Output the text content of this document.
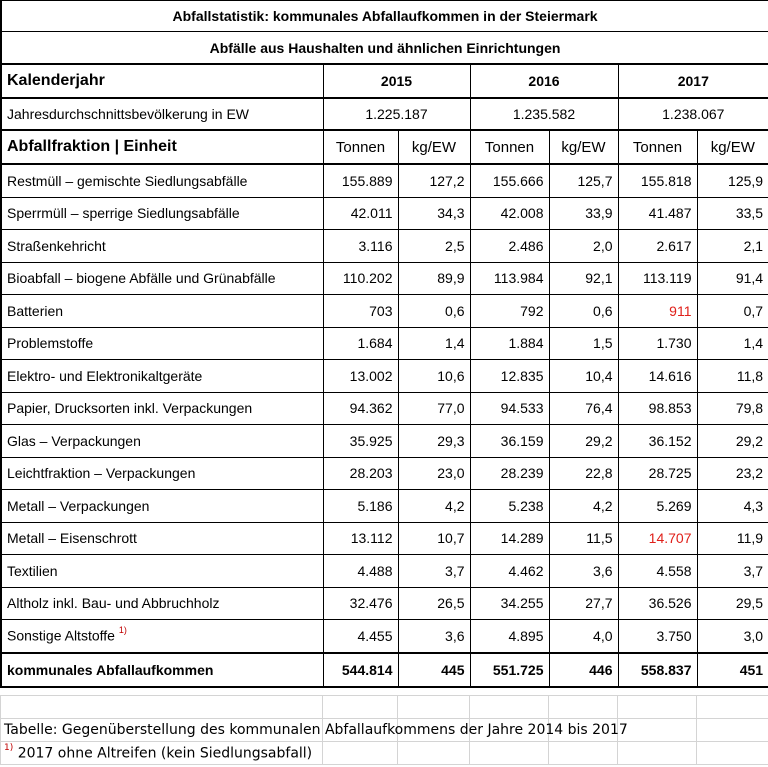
Abfallstatistik: kommunales Abfallaufkommen in der Steiermark						
Abfälle aus Haushalten und ähnlichen Einrichtungen						
Kalenderjahr	2015		2016		2017	
Jahresdurchschnittsbevölkerung in EW	1.225.187		1.235.582		1.238.067	
Abfallfraktion | Einheit	Tonnen	kg/EW	Tonnen	kg/EW	Tonnen	kg/EW
Restmüll – gemischte Siedlungsabfälle	155.889	127,2	155.666	125,7	155.818	125,9
Sperrmüll – sperrige Siedlungsabfälle	42.011	34,3	42.008	33,9	41.487	33,5
Straßenkehricht	3.116	2,5	2.486	2,0	2.617	2,1
Bioabfall – biogene Abfälle und Grünabfälle	110.202	89,9	113.984	92,1	113.119	91,4
Batterien	703	0,6	792	0,6	911	0,7
Problemstoffe	1.684	1,4	1.884	1,5	1.730	1,4
Elektro- und Elektronikaltgeräte	13.002	10,6	12.835	10,4	14.616	11,8
Papier, Drucksorten inkl. Verpackungen	94.362	77,0	94.533	76,4	98.853	79,8
Glas – Verpackungen	35.925	29,3	36.159	29,2	36.152	29,2
Leichtfraktion – Verpackungen	28.203	23,0	28.239	22,8	28.725	23,2
Metall – Verpackungen	5.186	4,2	5.238	4,2	5.269	4,3
Metall – Eisenschrott	13.112	10,7	14.289	11,5	14.707	11,9
Textilien	4.488	3,7	4.462	3,6	4.558	3,7
Altholz inkl. Bau- und Abbruchholz	32.476	26,5	34.255	27,7	36.526	29,5
Sonstige Altstoffe $^{1)}$	4.455	3,6	4.895	4,0	3.750	3,0
kommunales Abfallaufkommen	544.814	445	551.725	446	558.837	451

Tabelle: Gegenüberstellung des kommunalen Abfallaufkommens der Jahre 2014 bis 2017						
$^{1)}$ 2017 ohne Altreifen (kein Siedlungsabfall)						
